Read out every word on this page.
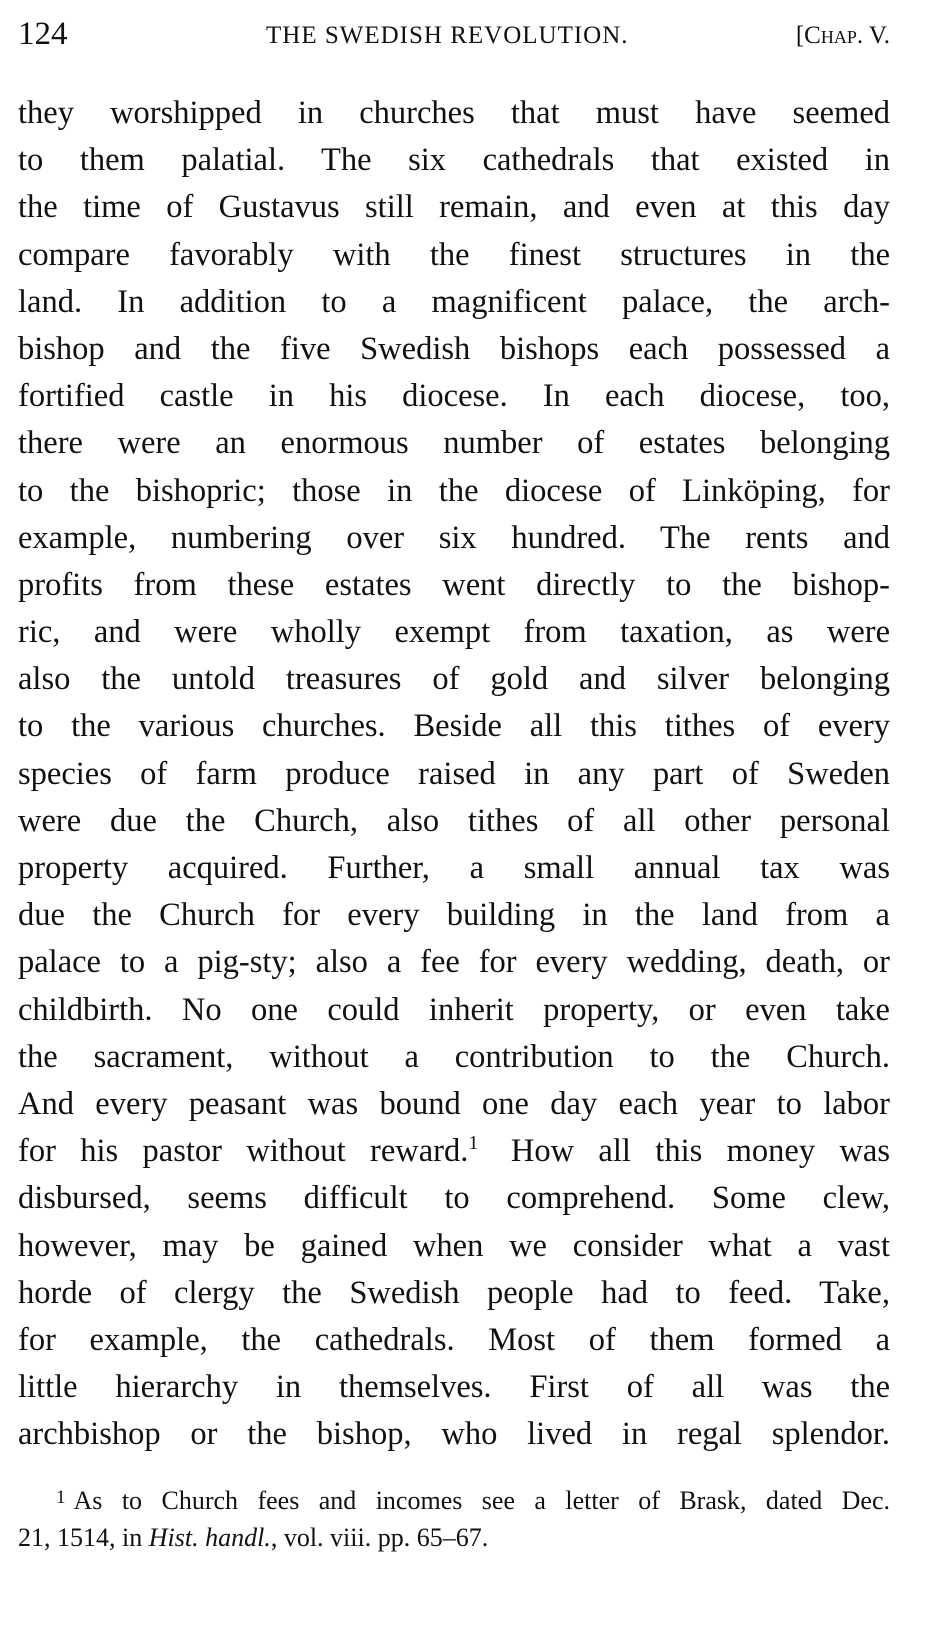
124	THE SWEDISH REVOLUTION.	[Chap. V.
they worshipped in churches that must have seemed
to them palatial. The six cathedrals that existed in
the time of Gustavus still remain, and even at this day
compare favorably with the finest structures in the
land. In addition to a magnificent palace, the arch-
bishop and the five Swedish bishops each possessed a
fortified castle in his diocese. In each diocese, too,
there were an enormous number of estates belonging
to the bishopric; those in the diocese of Linköping, for
example, numbering over six hundred. The rents and
profits from these estates went directly to the bishop-
ric, and were wholly exempt from taxation, as were
also the untold treasures of gold and silver belonging
to the various churches. Beside all this tithes of every
species of farm produce raised in any part of Sweden
were due the Church, also tithes of all other personal
property acquired. Further, a small annual tax was
due the Church for every building in the land from a
palace to a pig-sty; also a fee for every wedding, death, or
childbirth. No one could inherit property, or even take
the sacrament, without a contribution to the Church.
And every peasant was bound one day each year to labor
for his pastor without reward.$^1$  How all this money was
disbursed, seems difficult to comprehend. Some clew,
however, may be gained when we consider what a vast
horde of clergy the Swedish people had to feed. Take,
for example, the cathedrals. Most of them formed a
little hierarchy in themselves. First of all was the
archbishop or the bishop, who lived in regal splendor.
$^1$ As to Church fees and incomes see a letter of Brask, dated Dec.
21, 1514, in Hist. handl., vol. viii. pp. 65–67.
